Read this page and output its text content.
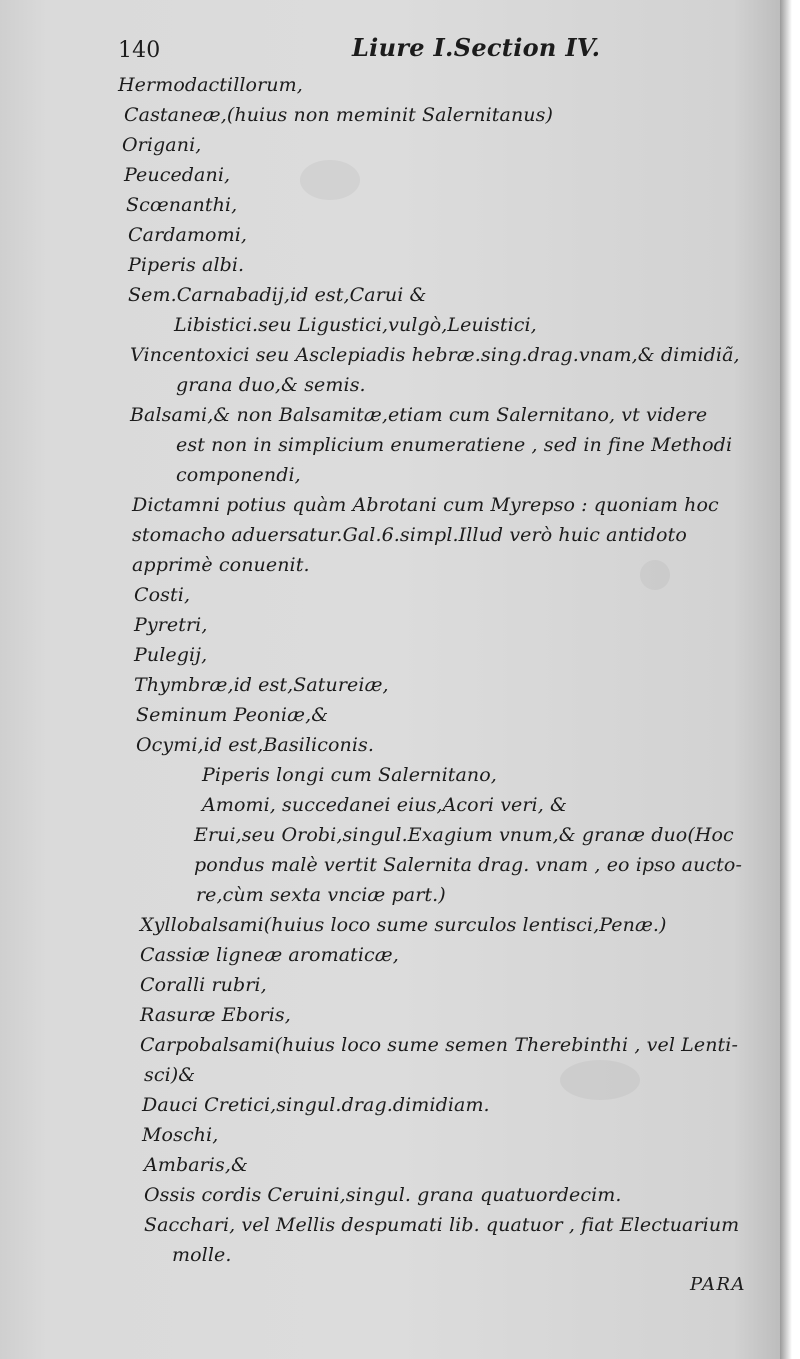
140	Liure I.Section IV.
Hermodactillorum,
Castaneæ,(huius non meminit Salernitanus)
Origani,
Peucedani,
Scœnanthi,
Cardamomi,
Piperis albi.
Sem.Carnabadij,id est,Carui &
Libistici.seu Ligustici,vulgò,Leuistici,
Vincentoxici seu Asclepiadis hebræ.sing.drag.vnam,& dimidiã,
grana duo,& semis.
Balsami,& non Balsamitæ,etiam cum Salernitano, vt videre
est non in simplicium enumeratiene , sed in fine Methodi
componendi,
Dictamni potius quàm Abrotani cum Myrepso : quoniam hoc
stomacho aduersatur.Gal.6.simpl.Illud verò huic antidoto
apprimè conuenit.
Costi,
Pyretri,
Pulegij,
Thymbræ,id est,Satureiæ,
Seminum Peoniæ,&
Ocymi,id est,Basiliconis.
Piperis longi cum Salernitano,
Amomi, succedanei eius,Acori veri, &
Erui,seu Orobi,singul.Exagium vnum,& granæ duo(Hoc
pondus malè vertit Salernita drag. vnam , eo ipso aucto-
re,cùm sexta vnciæ part.)
Xyllobalsami(huius loco sume surculos lentisci,Penæ.)
Cassiæ ligneæ aromaticæ,
Coralli rubri,
Rasuræ Eboris,
Carpobalsami(huius loco sume semen Therebinthi , vel Lenti-
sci)&
Dauci Cretici,singul.drag.dimidiam.
Moschi,
Ambaris,&
Ossis cordis Ceruini,singul. grana quatuordecim.
Sacchari, vel Mellis despumati lib. quatuor , fiat Electuarium
molle.
PARA
